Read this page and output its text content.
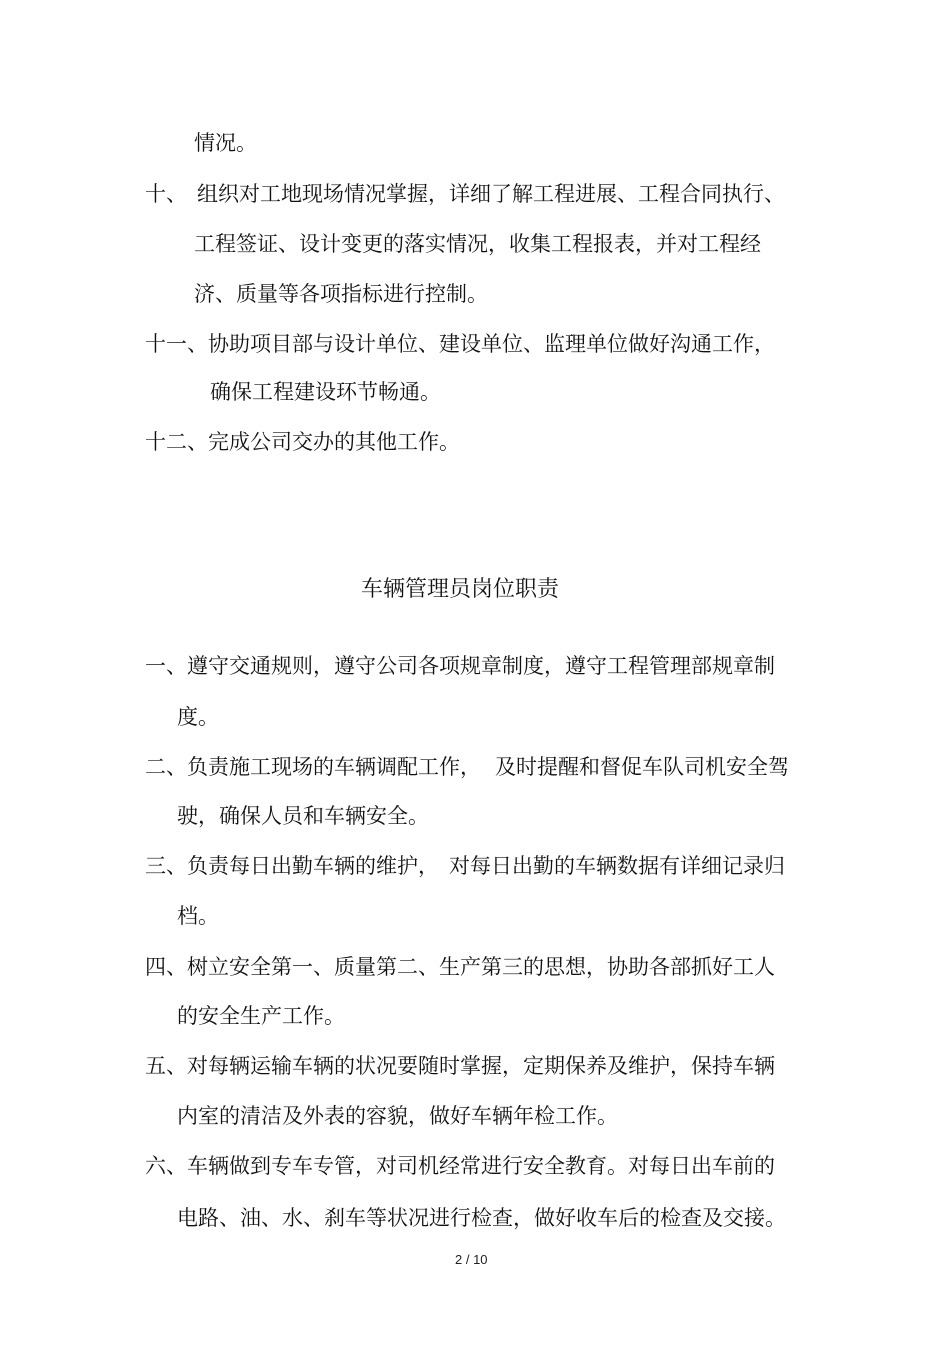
情况。
十、 组织对工地现场情况掌握，详细了解工程进展、工程合同执行、
工程签证、设计变更的落实情况，收集工程报表，并对工程经
济、质量等各项指标进行控制。
十一、协助项目部与设计单位、建设单位、监理单位做好沟通工作，
确保工程建设环节畅通。
十二、完成公司交办的其他工作。
车辆管理员岗位职责
一、遵守交通规则，遵守公司各项规章制度，遵守工程管理部规章制
度。
二、负责施工现场的车辆调配工作， 及时提醒和督促车队司机安全驾
驶，确保人员和车辆安全。
三、负责每日出勤车辆的维护， 对每日出勤的车辆数据有详细记录归
档。
四、树立安全第一、质量第二、生产第三的思想，协助各部抓好工人
的安全生产工作。
五、对每辆运输车辆的状况要随时掌握，定期保养及维护，保持车辆
内室的清洁及外表的容貌，做好车辆年检工作。
六、车辆做到专车专管，对司机经常进行安全教育。对每日出车前的
电路、油、水、刹车等状况进行检查，做好收车后的检查及交接。
2 / 10
